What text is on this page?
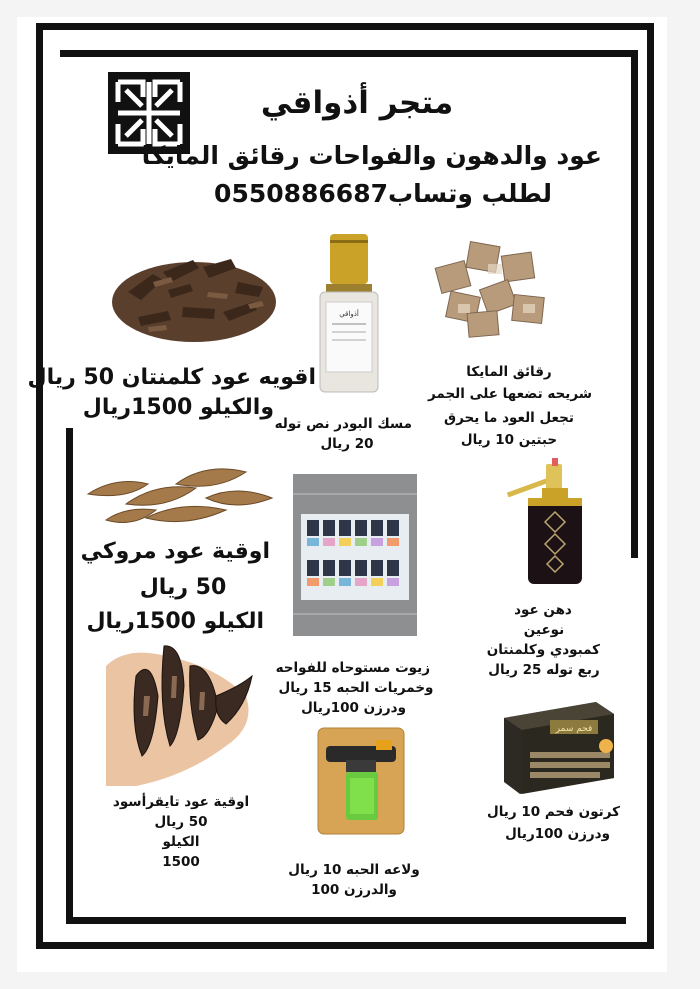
متجر أذواقي
عود والدهون والفواحات رقائق المايكا
لطلب وتساب0550886687
أذواقي
اقويه عود كلمنتان 50 ريال
والكيلو 1500ريال
مسك البودر نص توله
20 ريال
رقائق المايكا
شريحه تضعها على الجمر
تجعل العود ما يحرق
حبتين 10 ريال
اوقية عود مروكي
50 ريال
الكيلو 1500ريال	دهن عود
نوعين
كمبودي وكلمنتان
ربع توله 25 ريال
زيوت مستوحاه للفواحه
وخمريات الحبه 15 ريال
ودرزن 100ريال
فحم سمر
اوقية عود تايقرأسود
50 ريال
الكيلو
1500	ولاعه الحبه 10 ريال
والدرزن 100
كرتون فحم 10 ريال
ودرزن 100ريال
